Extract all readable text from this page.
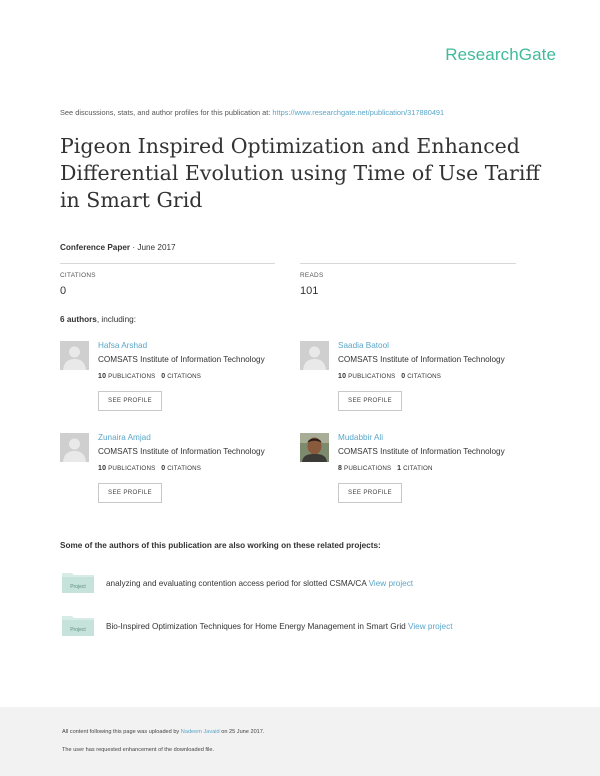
ResearchGate
See discussions, stats, and author profiles for this publication at: https://www.researchgate.net/publication/317880491
Pigeon Inspired Optimization and Enhanced Differential Evolution using Time of Use Tariff in Smart Grid
Conference Paper · June 2017
CITATIONS
0
READS
101
6 authors, including:
Hafsa Arshad
COMSATS Institute of Information Technology
10 PUBLICATIONS 0 CITATIONS
SEE PROFILE
Saadia Batool
COMSATS Institute of Information Technology
10 PUBLICATIONS 0 CITATIONS
SEE PROFILE
Zunaira Amjad
COMSATS Institute of Information Technology
10 PUBLICATIONS 0 CITATIONS
SEE PROFILE
Mudabbir Ali
COMSATS Institute of Information Technology
8 PUBLICATIONS 1 CITATION
SEE PROFILE
Some of the authors of this publication are also working on these related projects:
Project analyzing and evaluating contention access period for slotted CSMA/CA View project
Project Bio-Inspired Optimization Techniques for Home Energy Management in Smart Grid View project
All content following this page was uploaded by Nadeem Javaid on 25 June 2017.
The user has requested enhancement of the downloaded file.
